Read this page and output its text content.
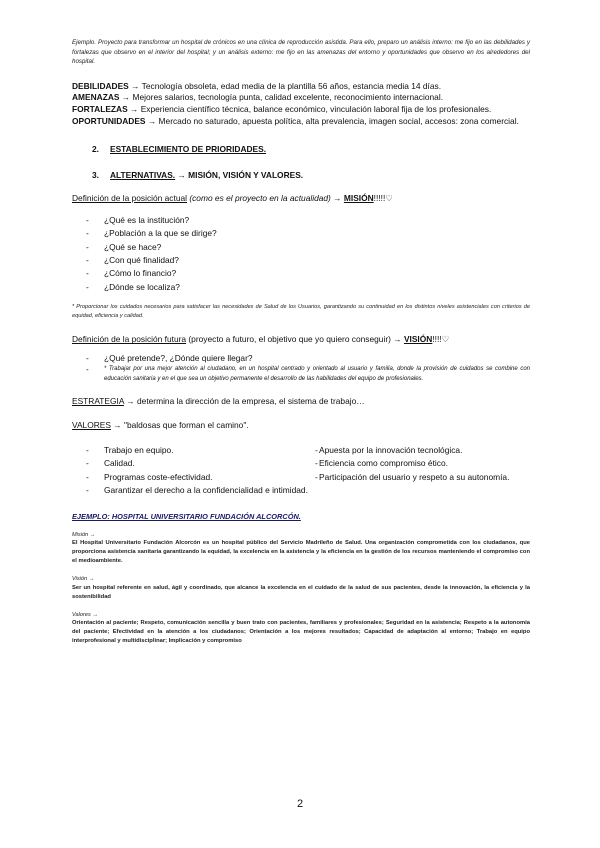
Ejemplo. Proyecto para transformar un hospital de crónicos en una clínica de reproducción asistida. Para ello, preparo un análisis interno: me fijo en las debilidades y fortalezas que observo en el interior del hospital; y un análisis externo: me fijo en las amenazas del entorno y oportunidades que observo en los alrededores del hospital.

DEBILIDADES → Tecnología obsoleta, edad media de la plantilla 56 años, estancia media 14 días.

AMENAZAS → Mejores salarios, tecnología punta, calidad excelente, reconocimiento internacional.

FORTALEZAS → Experiencia científico técnica, balance económico, vinculación laboral fija de los profesionales.

OPORTUNIDADES → Mercado no saturado, apuesta política, alta prevalencia, imagen social, accesos: zona comercial.

2. ESTABLECIMIENTO DE PRIORIDADES.

3. ALTERNATIVAS. → MISIÓN, VISIÓN Y VALORES.

Definición de la posición actual (como es el proyecto en la actualidad) → MISIÓN!!!!!♡

- ¿Qué es la institución?
- ¿Población a la que se dirige?
- ¿Qué se hace?
- ¿Con qué finalidad?
- ¿Cómo lo financio?
- ¿Dónde se localiza?

* Proporcionar los cuidados necesarios para satisfacer las necesidades de Salud de los Usuarios, garantizando su continuidad en los distintos niveles asistenciales con criterios de equidad, eficiencia y calidad.

Definición de la posición futura (proyecto a futuro, el objetivo que yo quiero conseguir) → VISIÓN!!!!♡

- ¿Qué pretende?, ¿Dónde quiere llegar?
- * Trabajar por una mejor atención al ciudadano, en un hospital centrado y orientado al usuario y familia, donde la provisión de cuidados se combine con educación sanitaria y en el que sea un objetivo permanente el desarrollo de las habilidades del equipo de profesionales.

ESTRATEGIA → determina la dirección de la empresa, el sistema de trabajo…

VALORES → "baldosas que forman el camino".

- Trabajo en equipo.
- Calidad.
- Programas coste-efectividad.
- Apuesta por la innovación tecnológica.
- Eficiencia como compromiso ético.
- Participación del usuario y respeto a su autonomía.
- Garantizar el derecho a la confidencialidad e intimidad.

EJEMPLO: HOSPITAL UNIVERSITARIO FUNDACIÓN ALCORCÓN.

Misión →

El Hospital Universitario Fundación Alcorcón es un hospital público del Servicio Madrileño de Salud. Una organización comprometida con los ciudadanos, que proporciona asistencia sanitaria garantizando la equidad, la excelencia en la asistencia y la eficiencia en la gestión de los recursos manteniendo el compromiso con el medioambiente.

Visión →

Ser un hospital referente en salud, ágil y coordinado, que alcance la excelencia en el cuidado de la salud de sus pacientes, desde la innovación, la eficiencia y la sostenibilidad

Valores →

Orientación al paciente; Respeto, comunicación sencilla y buen trato con pacientes, familiares y profesionales; Seguridad en la asistencia; Respeto a la autonomía del paciente; Efectividad en la atención a los ciudadanos; Orientación a los mejores resultados; Capacidad de adaptación al entorno; Trabajo en equipo interprofesional y multidisciplinar; Implicación y compromiso

2
